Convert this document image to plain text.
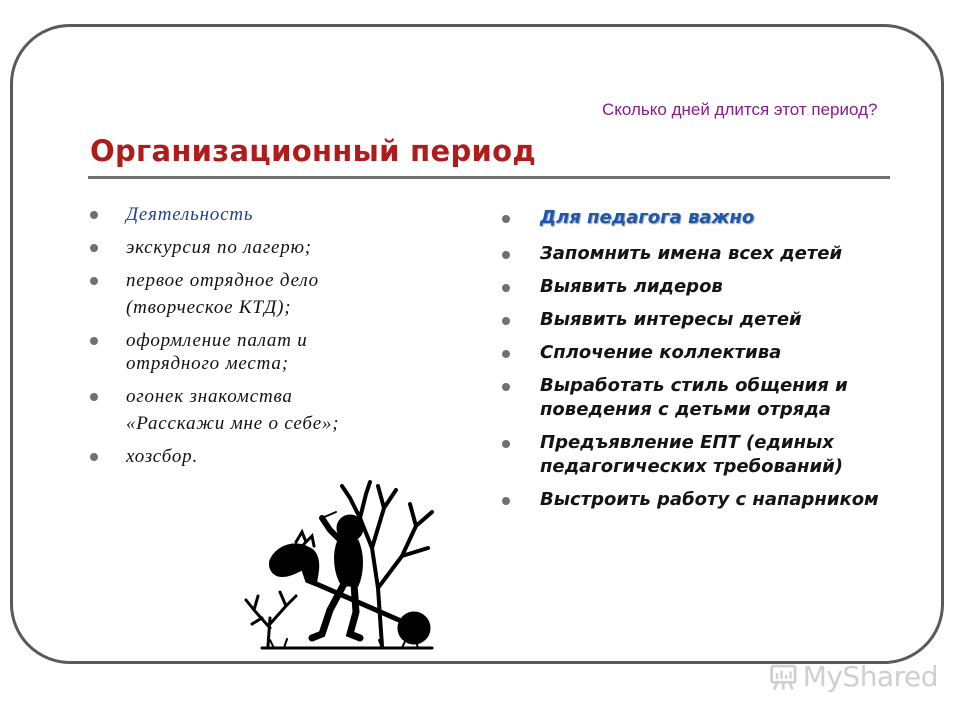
Сколько дней длится этот период?
Организационный период
Деятельность
экскурсия по лагерю;
первое отрядное дело
(творческое КТД);
оформление палат и отрядного места;
огонек знакомства
«Расскажи мне о себе»;
хозсбор.
Для педагога важно
Запомнить имена всех детей
Выявить лидеров
Выявить интересы детей
Сплочение коллектива
Выработать стиль общения и поведения с детьми отряда
Предъявление ЕПТ (единых педагогических требований)
Выстроить работу с напарником
MyShared
